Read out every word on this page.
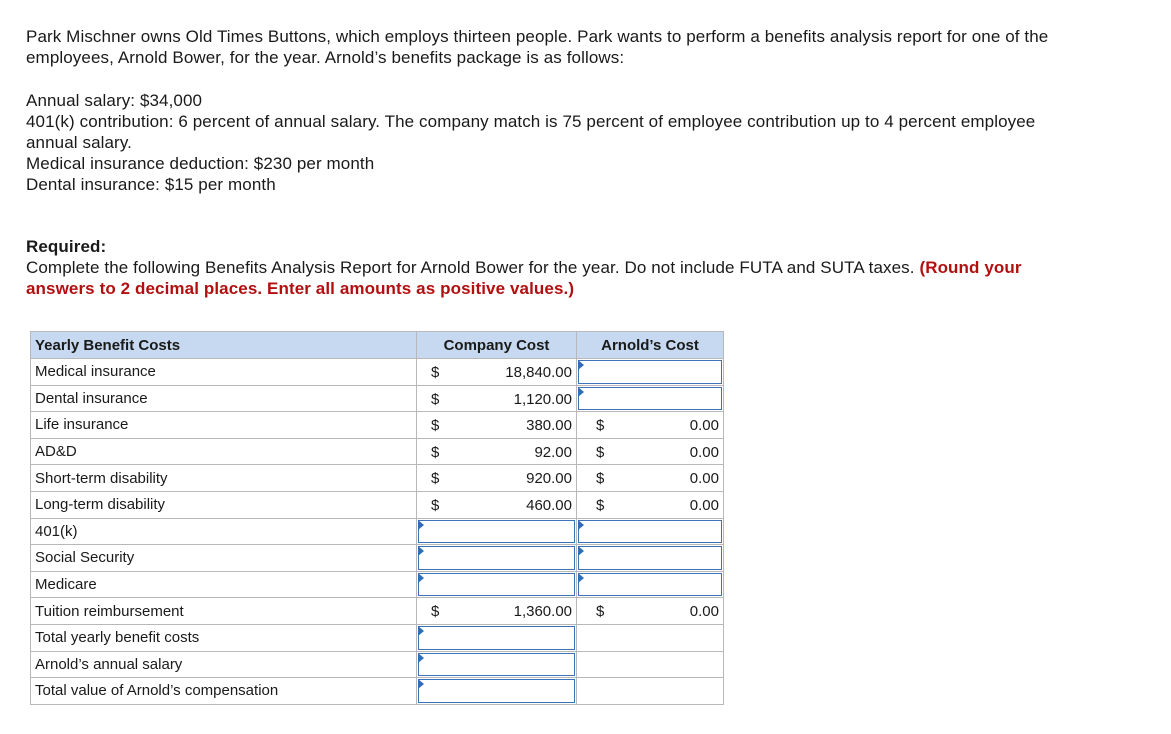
Park Mischner owns Old Times Buttons, which employs thirteen people. Park wants to perform a benefits analysis report for one of the
employees, Arnold Bower, for the year. Arnold’s benefits package is as follows:
Annual salary: $34,000
401(k) contribution: 6 percent of annual salary. The company match is 75 percent of employee contribution up to 4 percent employee
annual salary.
Medical insurance deduction: $230 per month
Dental insurance: $15 per month
Required:
Complete the following Benefits Analysis Report for Arnold Bower for the year. Do not include FUTA and SUTA taxes. (Round your
answers to 2 decimal places. Enter all amounts as positive values.)
Yearly Benefit Costs	Company Cost	Arnold’s Cost
Medical insurance	$ 18,840.00	

Dental insurance	$ 1,120.00	

Life insurance	$ 380.00	$ 0.00

AD&D	$ 92.00	$ 0.00

Short-term disability	$ 920.00	$ 0.00

Long-term disability	$ 460.00	$ 0.00

401(k)	

Social Security	

Medicare	

Tuition reimbursement	$ 1,360.00	$ 0.00

Total yearly benefit costs	

Arnold’s annual salary	

Total value of Arnold’s compensation	
